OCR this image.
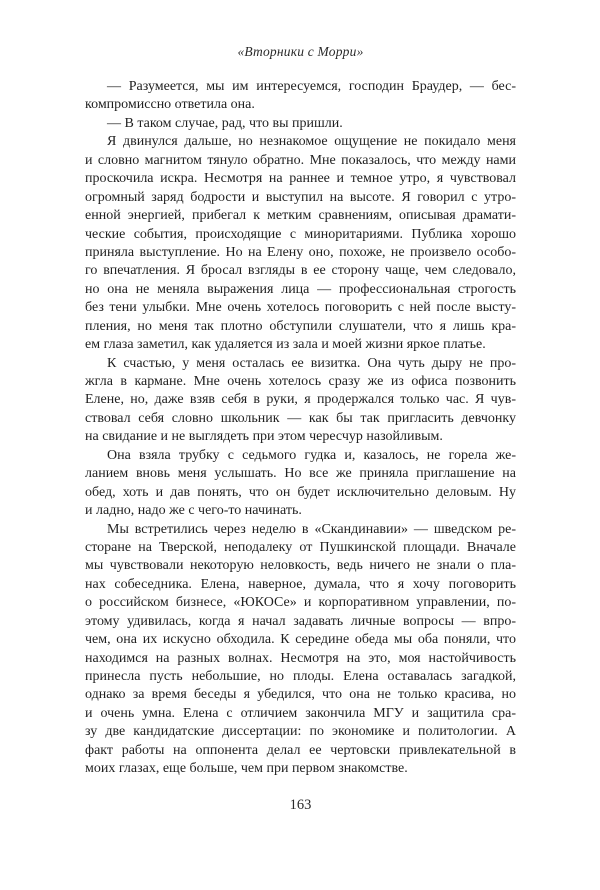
«Вторники с Морри»
— Разумеется, мы им интересуемся, господин Браудер, — бес-
компромиссно ответила она.
— В таком случае, рад, что вы пришли.
Я двинулся дальше, но незнакомое ощущение не покидало меня
и словно магнитом тянуло обратно. Мне показалось, что между нами
проскочила искра. Несмотря на раннее и темное утро, я чувствовал
огромный заряд бодрости и выступил на высоте. Я говорил с утро-
енной энергией, прибегал к метким сравнениям, описывая драмати-
ческие события, происходящие с миноритариями. Публика хорошо
приняла выступление. Но на Елену оно, похоже, не произвело особо-
го впечатления. Я бросал взгляды в ее сторону чаще, чем следовало,
но она не меняла выражения лица — профессиональная строгость
без тени улыбки. Мне очень хотелось поговорить с ней после высту-
пления, но меня так плотно обступили слушатели, что я лишь кра-
ем глаза заметил, как удаляется из зала и моей жизни яркое платье.
К счастью, у меня осталась ее визитка. Она чуть дыру не про-
жгла в кармане. Мне очень хотелось сразу же из офиса позвонить
Елене, но, даже взяв себя в руки, я продержался только час. Я чув-
ствовал себя словно школьник — как бы так пригласить девчонку
на свидание и не выглядеть при этом чересчур назойливым.
Она взяла трубку с седьмого гудка и, казалось, не горела же-
ланием вновь меня услышать. Но все же приняла приглашение на
обед, хоть и дав понять, что он будет исключительно деловым. Ну
и ладно, надо же с чего-то начинать.
Мы встретились через неделю в «Скандинавии» — шведском ре-
сторане на Тверской, неподалеку от Пушкинской площади. Вначале
мы чувствовали некоторую неловкость, ведь ничего не знали о пла-
нах собеседника. Елена, наверное, думала, что я хочу поговорить
о российском бизнесе, «ЮКОСе» и корпоративном управлении, по-
этому удивилась, когда я начал задавать личные вопросы — впро-
чем, она их искусно обходила. К середине обеда мы оба поняли, что
находимся на разных волнах. Несмотря на это, моя настойчивость
принесла пусть небольшие, но плоды. Елена оставалась загадкой,
однако за время беседы я убедился, что она не только красива, но
и очень умна. Елена с отличием закончила МГУ и защитила сра-
зу две кандидатские диссертации: по экономике и политологии. А
факт работы на оппонента делал ее чертовски привлекательной в
моих глазах, еще больше, чем при первом знакомстве.
163
